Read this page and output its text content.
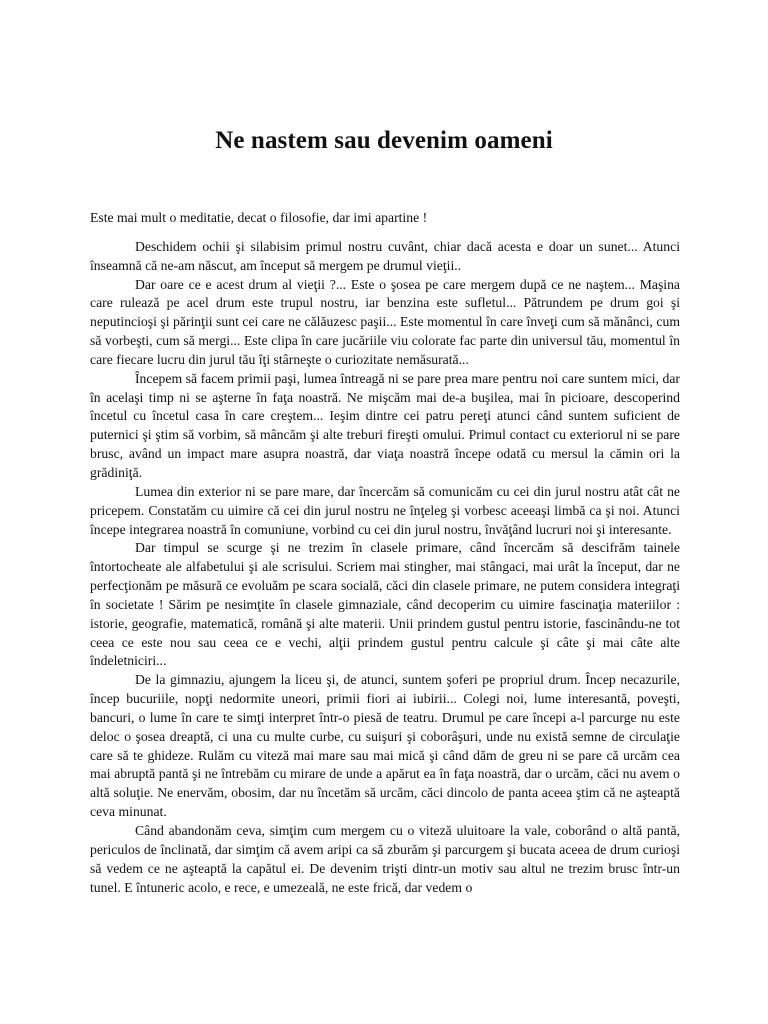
Ne nastem sau devenim oameni

Este mai mult o meditatie, decat o filosofie, dar imi apartine !

Deschidem ochii şi silabisim primul nostru cuvânt, chiar dacă acesta e doar un sunet... Atunci înseamnă că ne-am născut, am început să mergem pe drumul vieţii..

Dar oare ce e acest drum al vieţii ?... Este o şosea pe care mergem după ce ne naştem... Maşina care rulează pe acel drum este trupul nostru, iar benzina este sufletul... Pătrundem pe drum goi şi neputincioşi şi părinţii sunt cei care ne călăuzesc paşii... Este momentul în care înveţi cum să mănânci, cum să vorbeşti, cum să mergi... Este clipa în care jucăriile viu colorate fac parte din universul tău, momentul în care fiecare lucru din jurul tău îţi stârneşte o curiozitate nemăsurată...

Începem să facem primii paşi, lumea întreagă ni se pare prea mare pentru noi care suntem mici, dar în acelaşi timp ni se aşterne în faţa noastră. Ne mişcăm mai de-a buşilea, mai în picioare, descoperind încetul cu încetul casa în care creştem... Ieşim dintre cei patru pereţi atunci când suntem suficient de puternici şi ştim să vorbim, să mâncăm şi alte treburi fireşti omului. Primul contact cu exteriorul ni se pare brusc, având un impact mare asupra noastră, dar viaţa noastră începe odată cu mersul la cămin ori la grădiniţă.

Lumea din exterior ni se pare mare, dar încercăm să comunicăm cu cei din jurul nostru atât cât ne pricepem. Constatăm cu uimire că cei din jurul nostru ne înţeleg şi vorbesc aceeaşi limbă ca şi noi. Atunci începe integrarea noastră în comuniune, vorbind cu cei din jurul nostru, învăţând lucruri noi şi interesante.

Dar timpul se scurge şi ne trezim în clasele primare, când încercăm să descifrăm tainele întortocheate ale alfabetului şi ale scrisului. Scriem mai stingher, mai stângaci, mai urât la început, dar ne perfecţionăm pe măsură ce evoluăm pe scara socială, căci din clasele primare, ne putem considera integraţi în societate ! Sărim pe nesimţite în clasele gimnaziale, când decoperim cu uimire fascinaţia materiilor : istorie, geografie, matematică, română şi alte materii. Unii prindem gustul pentru istorie, fascinându-ne tot ceea ce este nou sau ceea ce e vechi, alţii prindem gustul pentru calcule şi câte şi mai câte alte îndeletniciri...

De la gimnaziu, ajungem la liceu şi, de atunci, suntem şoferi pe propriul drum. Încep necazurile, încep bucuriile, nopţi nedormite uneori, primii fiori ai iubirii... Colegi noi, lume interesantă, poveşti, bancuri, o lume în care te simţi interpret într-o piesă de teatru. Drumul pe care începi a-l parcurge nu este deloc o şosea dreaptă, ci una cu multe curbe, cu suişuri şi coborâşuri, unde nu există semne de circulaţie care să te ghideze. Rulăm cu viteză mai mare sau mai mică şi când dăm de greu ni se pare că urcăm cea mai abruptă pantă şi ne întrebăm cu mirare de unde a apărut ea în faţa noastră, dar o urcăm, căci nu avem o altă soluţie. Ne enervăm, obosim, dar nu încetăm să urcăm, căci dincolo de panta aceea ştim că ne aşteaptă ceva minunat.

Când abandonăm ceva, simţim cum mergem cu o viteză uluitoare la vale, coborând o altă pantă, periculos de înclinată, dar simţim că avem aripi ca să zburăm şi parcurgem şi bucata aceea de drum curioşi să vedem ce ne aşteaptă la capătul ei. De devenim trişti dintr-un motiv sau altul ne trezim brusc într-un tunel. E întuneric acolo, e rece, e umezeală, ne este frică, dar vedem o
